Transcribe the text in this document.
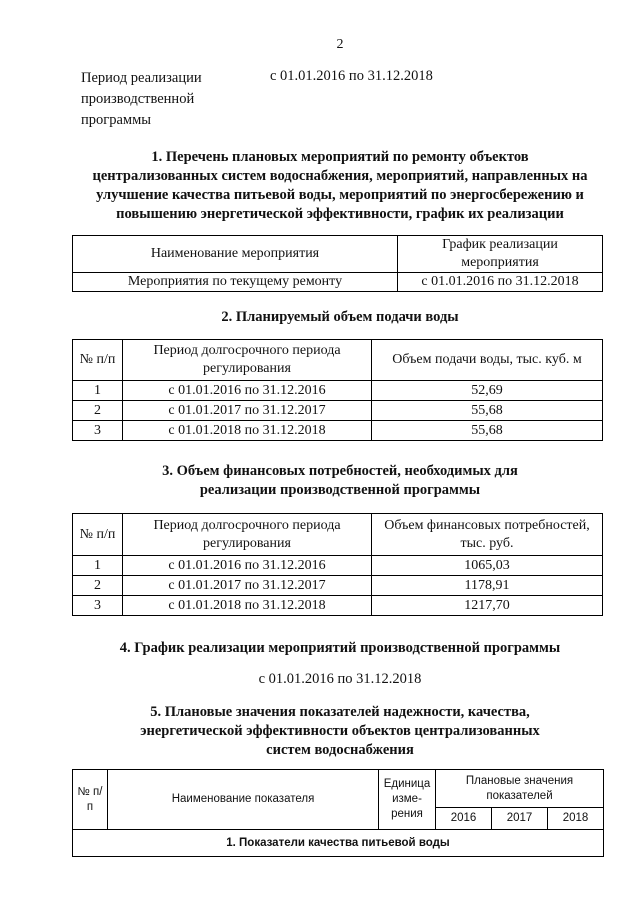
2
Период реализации
производственной
программы
с 01.01.2016 по 31.12.2018
1. Перечень плановых мероприятий по ремонту объектов
централизованных систем водоснабжения, мероприятий, направленных на
улучшение качества питьевой воды, мероприятий по энергосбережению и
повышению энергетической эффективности, график их реализации
Наименование мероприятия	График реализации мероприятия
Мероприятия по текущему ремонту	с 01.01.2016 по 31.12.2018
2. Планируемый объем подачи воды
№ п/п	Период долгосрочного периода регулирования	Объем подачи воды, тыс. куб. м
1	с 01.01.2016 по 31.12.2016	52,69
2	с 01.01.2017 по 31.12.2017	55,68
3	с 01.01.2018 по 31.12.2018	55,68
3. Объем финансовых потребностей, необходимых для
реализации производственной программы
№ п/п	Период долгосрочного периода регулирования	Объем финансовых потребностей, тыс. руб.
1	с 01.01.2016 по 31.12.2016	1065,03
2	с 01.01.2017 по 31.12.2017	1178,91
3	с 01.01.2018 по 31.12.2018	1217,70
4. График реализации мероприятий производственной программы
с 01.01.2016 по 31.12.2018
5. Плановые значения показателей надежности, качества,
энергетической эффективности объектов централизованных
систем водоснабжения
№ п/п	Наименование показателя	Единица изме-рения	Плановые значения показателей		
			2016	2017	2018
1. Показатели качества питьевой воды					
